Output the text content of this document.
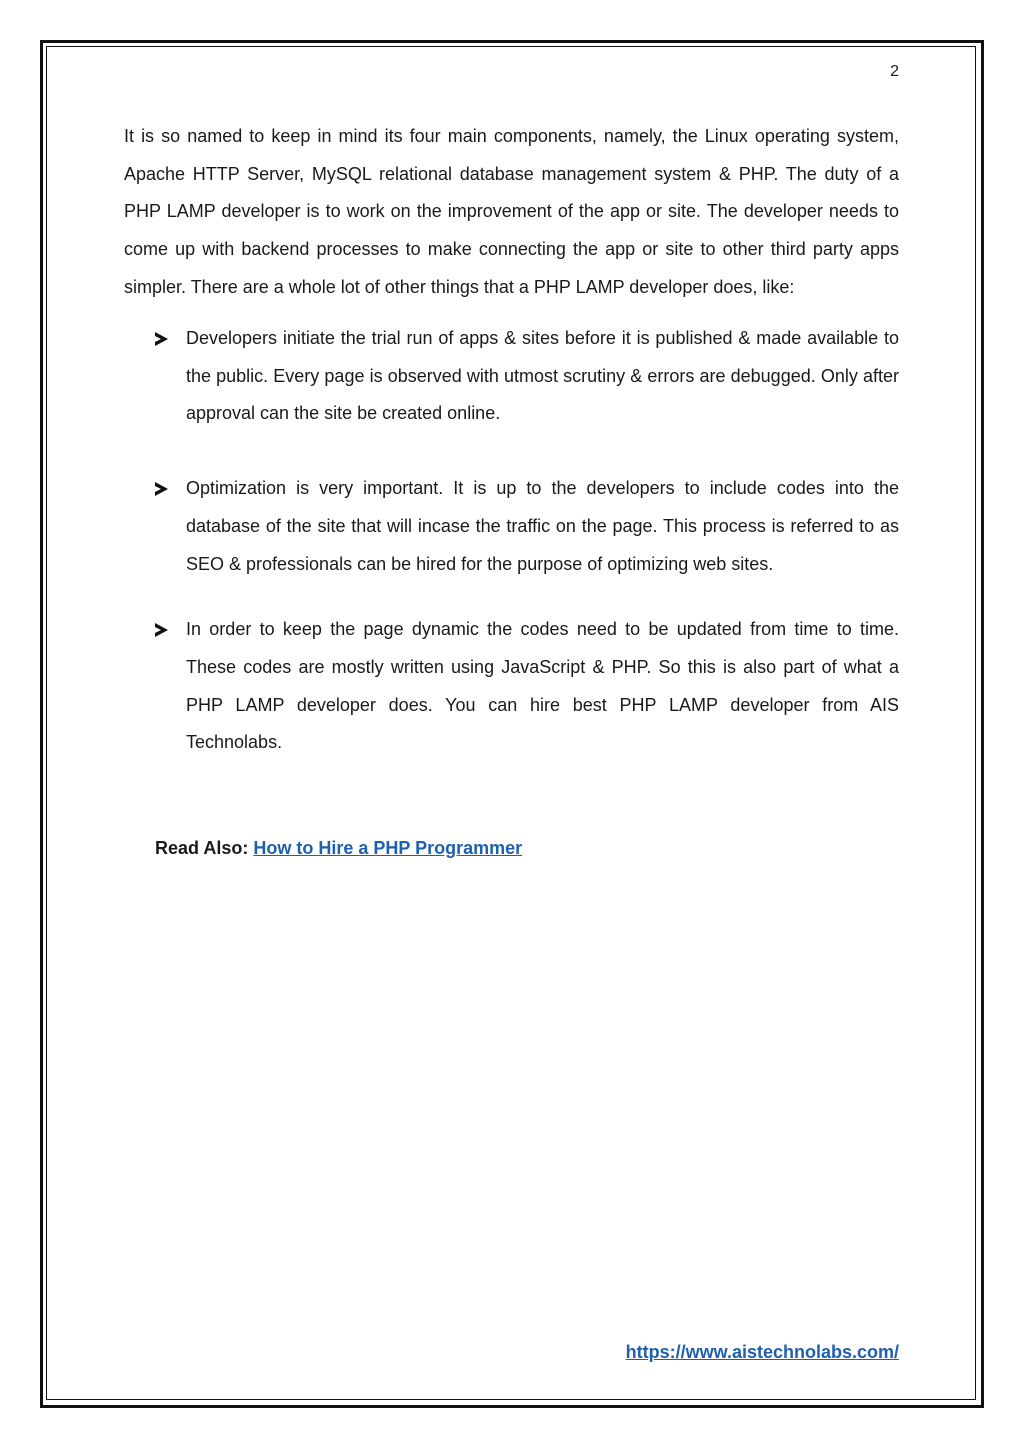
2

It is so named to keep in mind its four main components, namely, the Linux operating system, Apache HTTP Server, MySQL relational database management system & PHP. The duty of a PHP LAMP developer is to work on the improvement of the app or site. The developer needs to come up with backend processes to make connecting the app or site to other third party apps simpler. There are a whole lot of other things that a PHP LAMP developer does, like:

Developers initiate the trial run of apps & sites before it is published & made available to the public. Every page is observed with utmost scrutiny & errors are debugged. Only after approval can the site be created online.
Optimization is very important. It is up to the developers to include codes into the database of the site that will incase the traffic on the page. This process is referred to as SEO & professionals can be hired for the purpose of optimizing web sites.
In order to keep the page dynamic the codes need to be updated from time to time. These codes are mostly written using JavaScript & PHP. So this is also part of what a PHP LAMP developer does. You can hire best PHP LAMP developer from AIS Technolabs.
Read Also: How to Hire a PHP Programmer
https://www.aistechnolabs.com/
